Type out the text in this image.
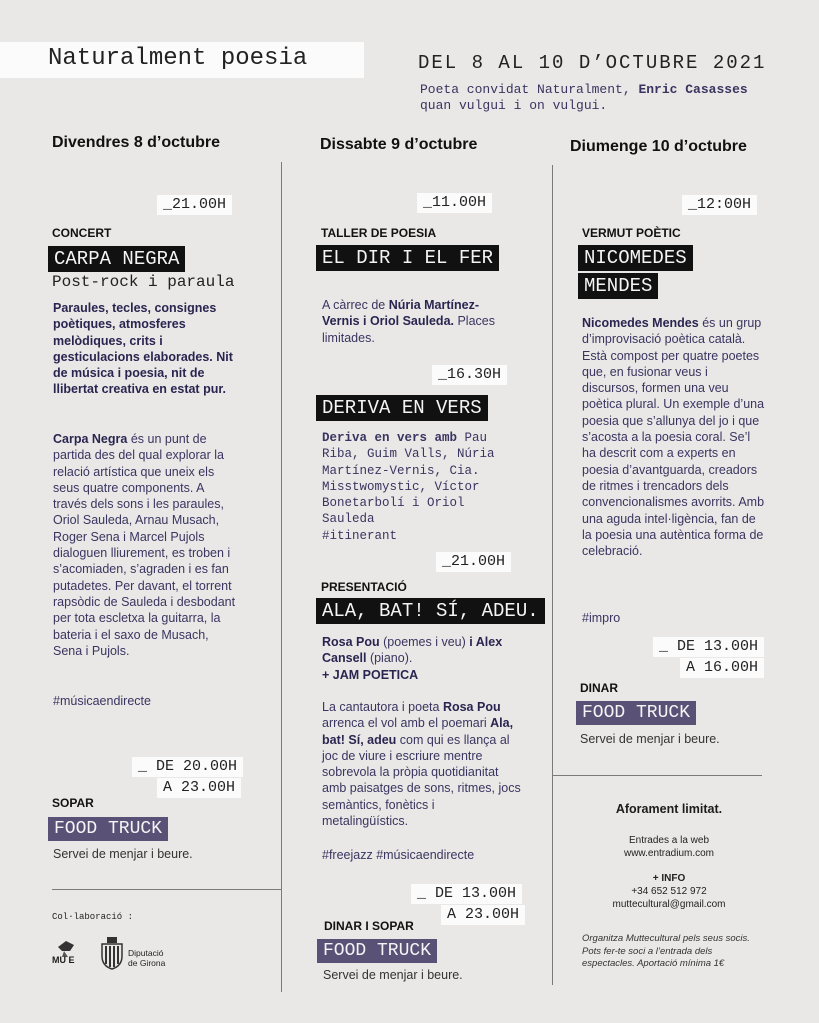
Naturalment poesia	DEL 8 AL 10 D’OCTUBRE 2021
Poeta convidat Naturalment, Enric Casasses
quan vulgui i on vulgui.
Divendres 8 d’octubre
_21.00H
CONCERT
CARPA NEGRA
Post-rock i paraula
Paraules, tecles, consignes poètiques, atmosferes melòdiques, crits i gesticulacions elaborades. Nit de música i poesia, nit de llibertat creativa en estat pur.
Carpa Negra és un punt de partida des del qual explorar la relació artística que uneix els seus quatre components. A través dels sons i les paraules, Oriol Sauleda, Arnau Musach, Roger Sena i Marcel Pujols dialoguen lliurement, es troben i s’acomiaden, s’agraden i es fan putadetes. Per davant, el torrent rapsòdic de Sauleda i desbodant per tota escletxa la guitarra, la bateria i el saxo de Musach, Sena i Pujols.
#músicaendirecte
_ DE 20.00H
A 23.00H
SOPAR
FOOD TRUCK
Servei de menjar i beure.
Col·laboració :
MU E
Diputació de Girona
Dissabte 9 d’octubre
_11.00H
TALLER DE POESIA
EL DIR I EL FER
A càrrec de Núria Martínez-Vernis i Oriol Sauleda. Places limitades.
_16.30H
DERIVA EN VERS
Deriva en vers amb Pau Riba, Guim Valls, Núria Martínez-Vernis, Cia. Misstwomystic, Víctor Bonetarbolí i Oriol Sauleda
#itinerant
_21.00H
PRESENTACIÓ
ALA, BAT! SÍ, ADEU.
Rosa Pou (poemes i veu) i Alex Cansell (piano).
+ JAM POETICA
La cantautora i poeta Rosa Pou arrenca el vol amb el poemari Ala, bat! Sí, adeu com qui es llança al joc de viure i escriure mentre sobrevola la pròpia quotidianitat amb paisatges de sons, ritmes, jocs semàntics, fonètics i metalingüístics.
#freejazz #músicaendirecte
_ DE 13.00H
A 23.00H
DINAR I SOPAR
FOOD TRUCK
Servei de menjar i beure.
Diumenge 10 d’octubre
_12:00H
VERMUT POÈTIC
NICOMEDES
MENDES
Nicomedes Mendes és un grup d’improvisació poètica català. Està compost per quatre poetes que, en fusionar veus i discursos, formen una veu poètica plural. Un exemple d’una poesia que s’allunya del jo i que s’acosta a la poesia coral. Se’l ha descrit com a experts en poesia d’avantguarda, creadors de ritmes i trencadors dels convencionalismes avorrits. Amb una aguda intel·ligència, fan de la poesia una autèntica forma de celebració.
#impro
_ DE 13.00H
A 16.00H
DINAR
FOOD TRUCK
Servei de menjar i beure.
Aforament limitat.
Entrades a la web
www.entradium.com
+ INFO
+34 652 512 972
muttecultural@gmail.com
Organitza Muttecultural pels seus socis. Pots fer-te soci a l’entrada dels espectacles. Aportació mínima 1€
